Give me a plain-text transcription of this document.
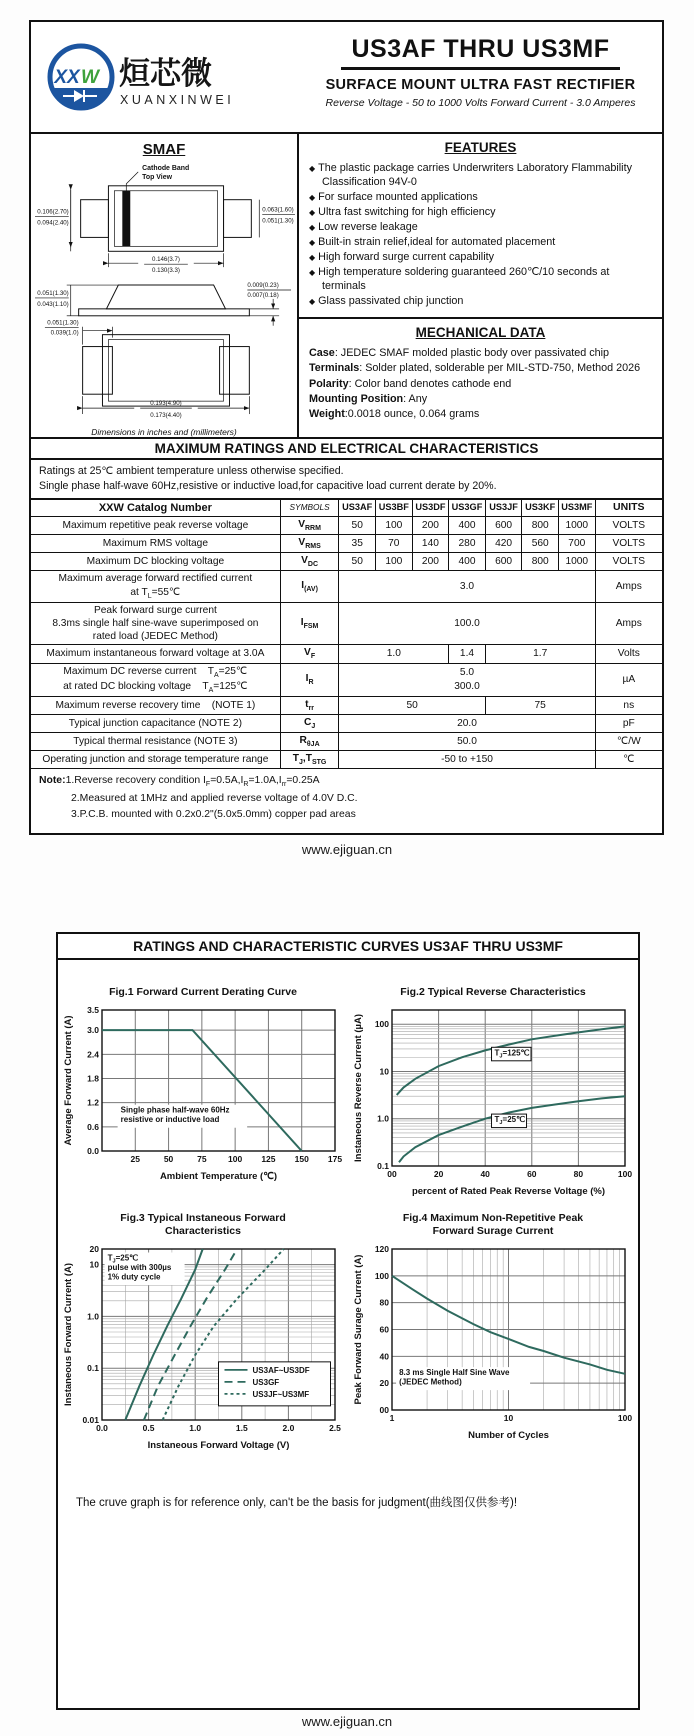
XX W 烜芯微
XUANXINWEI
US3AF THRU US3MF
SURFACE MOUNT ULTRA FAST RECTIFIER
Reverse Voltage - 50 to 1000 Volts Forward Current - 3.0 Amperes
SMAF
Cathode Band
Top View
0.106(2.70)
0.094(2.40)
0.063(1.60)
0.051(1.30)
0.146(3.7)
0.130(3.3)
0.051(1.30)
0.043(1.10)
0.009(0.23)
0.007(0.18)
0.051(1.30)
0.039(1.0)
0.193(4.90)
0.173(4.40)
Dimensions in inches and (millimeters)
FEATURES
◆ The plastic package carries Underwriters Laboratory Flammability Classification 94V-0
◆ For surface mounted applications
◆ Ultra fast switching for high efficiency
◆ Low reverse leakage
◆ Built-in strain relief,ideal for automated placement
◆ High forward surge current capability
◆ High temperature soldering guaranteed 260℃/10 seconds at terminals
◆ Glass passivated chip junction
MECHANICAL DATA
Case: JEDEC SMAF molded plastic body over passivated chip
Terminals: Solder plated, solderable per MIL-STD-750, Method 2026
Polarity: Color band denotes cathode end
Mounting Position: Any
Weight:0.0018 ounce, 0.064 grams
MAXIMUM RATINGS AND ELECTRICAL CHARACTERISTICS
Ratings at 25℃ ambient temperature unless otherwise specified.
Single phase half-wave 60Hz,resistive or inductive load,for capacitive load current derate by 20%.
XXW Catalog Number	SYMBOLS	US3AF	US3BF	US3DF	US3GF	US3JF	US3KF	US3MF	UNITS
Maximum repetitive peak reverse voltage	$V_{RRM}$	50	100	200	400	600	800	1000	VOLTS
Maximum RMS voltage	$V_{RMS}$	35	70	140	280	420	560	700	VOLTS
Maximum DC blocking voltage	$V_{DC}$	50	100	200	400	600	800	1000	VOLTS
Maximum average forward rectified current
at $T_L=55℃$	$I_{(AV)}$	3.0							Amps
Peak forward surge current
8.3ms single half sine-wave superimposed on
rated load (JEDEC Method)	$I_{FSM}$	100.0							Amps
Maximum instantaneous forward voltage at 3.0A	$V_F$	1.0			1.4	1.7			Volts
Maximum DC reverse current    $T_A=25℃$
at rated DC blocking voltage    $T_A=125℃$	$I_R$	5.0
300.0							µA
Maximum reverse recovery time    (NOTE 1)	$t_{rr}$	50				75			ns
Typical junction capacitance (NOTE 2)	$C_J$	20.0							pF
Typical thermal resistance (NOTE 3)	$R_{\theta JA}$	50.0							℃/W
Operating junction and storage temperature range	$T_J,T_{STG}$	-50 to +150							℃
Note:1.Reverse recovery condition $I_F=0.5A,I_R=1.0A,I_{rr}=0.25A$
2.Measured at 1MHz and applied reverse voltage of 4.0V D.C.
3.P.C.B. mounted with 0.2x0.2"(5.0x5.0mm) copper pad areas
www.ejiguan.cn
RATINGS AND CHARACTERISTIC CURVES US3AF THRU US3MF
Fig.1 Forward Current Derating Curve
25	50	75	100 125 150 175
0.0
0.6
1.2
1.8
2.4
3.0
3.5
Ambient Temperature (℃)
Average Forward Current (A)	Single phase half-wave 60Hz
resistive or inductive load
Fig.2 Typical Reverse Characteristics
00	20	40	60	80	100
0.1
1.0
10
100
percent of Rated Peak Reverse Voltage (%)
Instaneous Reverse Current (µA)	$T_J=125℃$
$T_J=25℃$
Fig.3 Typical Instaneous Forward
Characteristics
0.0	0.5	1.0	1.5	2.0	2.5
0.01
0.1
1.0
10
20
Instaneous Forward Voltage (V)
Instaneous Forward Current (A)
$T_J=25℃$
pulse with 300µs
1% duty cycle
US3AF~US3DF
US3GF
US3JF~US3MF
Fig.4 Maximum Non-Repetitive Peak
Forward Surage Current
1	10	100
00
20
40
60
80
100
120
Number of Cycles
Peak Forward Surage Current (A)	8.3 ms Single Half Sine Wave
(JEDEC Method)
The cruve graph is for reference only, can't be the basis for judgment(曲线图仅供参考)!
www.ejiguan.cn
